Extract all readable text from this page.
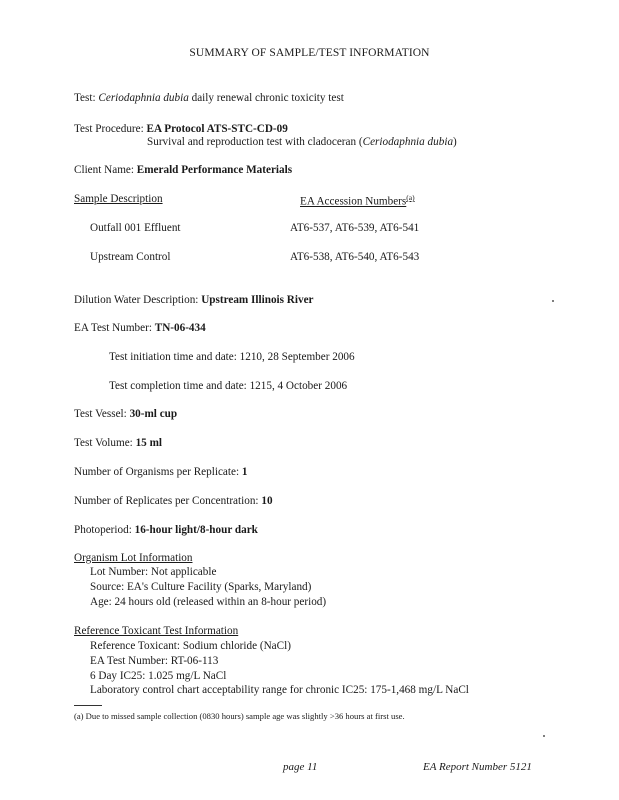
SUMMARY OF SAMPLE/TEST INFORMATION
Test: Ceriodaphnia dubia daily renewal chronic toxicity test
Test Procedure: EA Protocol ATS-STC-CD-09
Survival and reproduction test with cladoceran (Ceriodaphnia dubia)
Client Name: Emerald Performance Materials
Sample Description	EA Accession Numbers$^{(a)}$
Outfall 001 Effluent	AT6-537, AT6-539, AT6-541
Upstream Control	AT6-538, AT6-540, AT6-543
Dilution Water Description: Upstream Illinois River
EA Test Number: TN-06-434
Test initiation time and date: 1210, 28 September 2006
Test completion time and date: 1215, 4 October 2006
Test Vessel: 30-ml cup
Test Volume: 15 ml
Number of Organisms per Replicate: 1
Number of Replicates per Concentration: 10
Photoperiod: 16-hour light/8-hour dark
Organism Lot Information
Lot Number: Not applicable
Source: EA's Culture Facility (Sparks, Maryland)
Age: 24 hours old (released within an 8-hour period)
Reference Toxicant Test Information
Reference Toxicant: Sodium chloride (NaCl)
EA Test Number: RT-06-113
6 Day IC25: 1.025 mg/L NaCl
Laboratory control chart acceptability range for chronic IC25: 175-1,468 mg/L NaCl
(a) Due to missed sample collection (0830 hours) sample age was slightly >36 hours at first use.
page 11	EA Report Number 5121
